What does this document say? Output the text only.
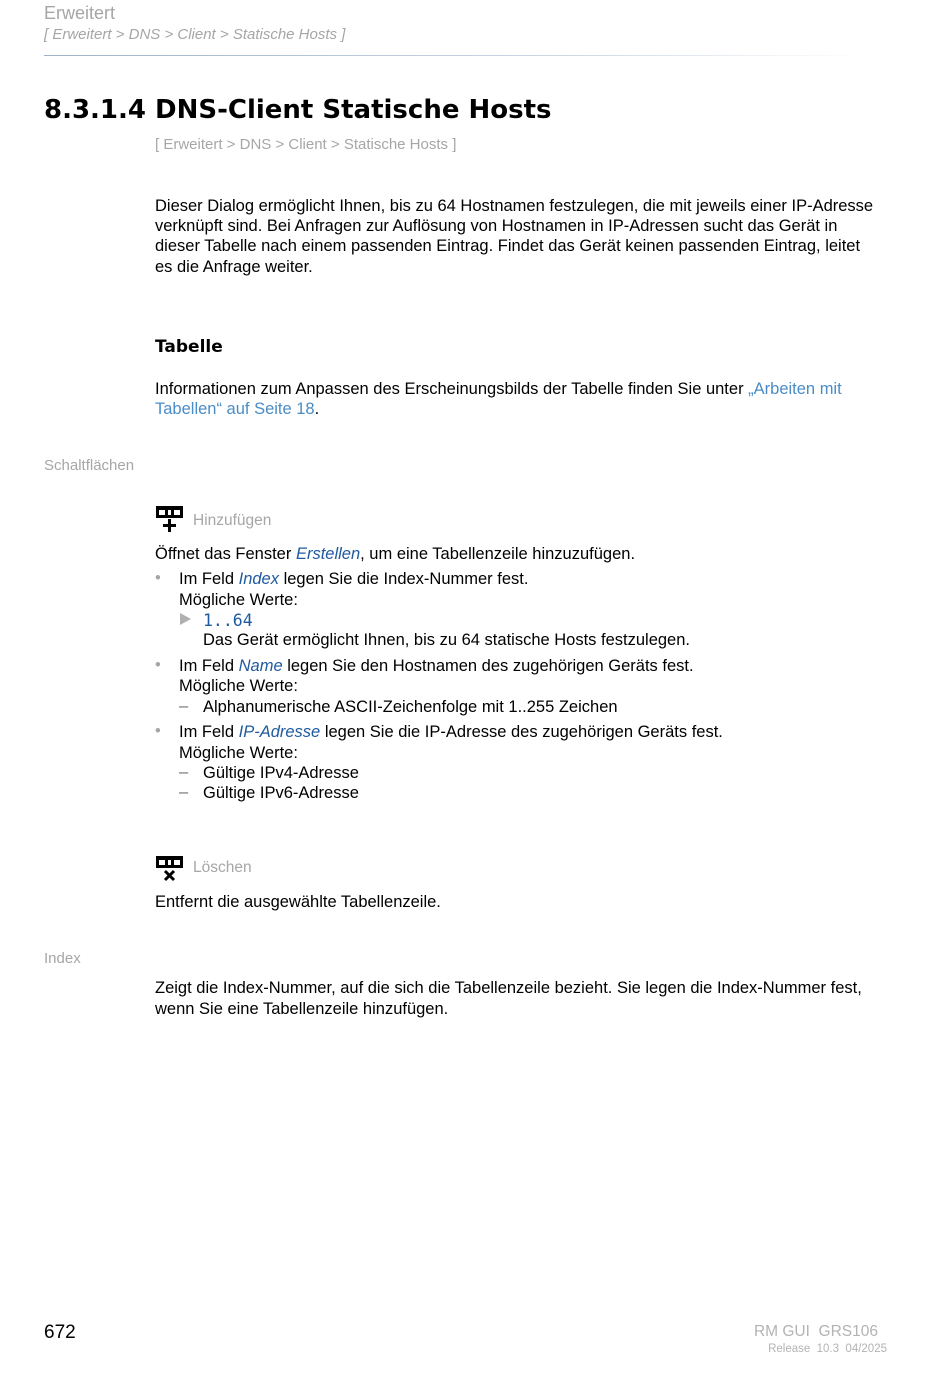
Erweitert
[ Erweitert > DNS > Client > Statische Hosts ]
8.3.1.4 DNS-Client Statische Hosts
[ Erweitert > DNS > Client > Statische Hosts ]
Dieser Dialog ermöglicht Ihnen, bis zu 64 Hostnamen festzulegen, die mit jeweils einer IP-Adresse
verknüpft sind. Bei Anfragen zur Auflösung von Hostnamen in IP-Adressen sucht das Gerät in
dieser Tabelle nach einem passenden Eintrag. Findet das Gerät keinen passenden Eintrag, leitet
es die Anfrage weiter.
Tabelle
Informationen zum Anpassen des Erscheinungsbilds der Tabelle finden Sie unter „Arbeiten mit
Tabellen“ auf Seite 18.
Schaltflächen
Hinzufügen
Öffnet das Fenster Erstellen, um eine Tabellenzeile hinzuzufügen.
• Im Feld Index legen Sie die Index-Nummer fest.
Mögliche Werte:
1..64
Das Gerät ermöglicht Ihnen, bis zu 64 statische Hosts festzulegen.
• Im Feld Name legen Sie den Hostnamen des zugehörigen Geräts fest.
Mögliche Werte:
– Alphanumerische ASCII-Zeichenfolge mit 1..255 Zeichen
• Im Feld IP-Adresse legen Sie die IP-Adresse des zugehörigen Geräts fest.
Mögliche Werte:
– Gültige IPv4-Adresse
– Gültige IPv6-Adresse
Löschen
Entfernt die ausgewählte Tabellenzeile.
Index
Zeigt die Index-Nummer, auf die sich die Tabellenzeile bezieht. Sie legen die Index-Nummer fest,
wenn Sie eine Tabellenzeile hinzufügen.
672	RM GUI  GRS106
Release  10.3  04/2025
